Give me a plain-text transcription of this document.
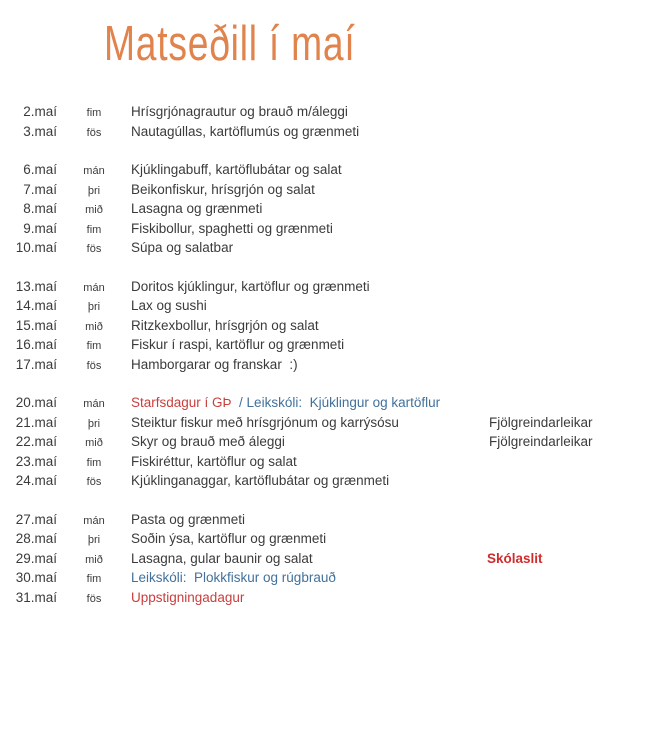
Matseðill í maí
2.maí	fim	Hrísgrjónagrautur og brauð m/áleggi
3.maí	fös	Nautagúllas, kartöflumús og grænmeti
6.maí	mán	Kjúklingabuff, kartöflubátar og salat
7.maí	þri	Beikonfiskur, hrísgrjón og salat
8.maí	mið	Lasagna og grænmeti
9.maí	fim	Fiskibollur, spaghetti og grænmeti
10.maí	fös	Súpa og salatbar
13.maí	mán	Doritos kjúklingur, kartöflur og grænmeti
14.maí	þri	Lax og sushi
15.maí	mið	Ritzkexbollur, hrísgrjón og salat
16.maí	fim	Fiskur í raspi, kartöflur og grænmeti
17.maí	fös	Hamborgarar og franskar  :)
20.maí	mán	Starfsdagur í GÞ  / Leikskóli:  Kjúklingur og kartöflur
21.maí	þri	Steiktur fiskur með hrísgrjónum og karrýsósu	Fjölgreindarleikar
22.maí	mið	Skyr og brauð með áleggi	Fjölgreindarleikar
23.maí	fim	Fiskiréttur, kartöflur og salat
24.maí	fös	Kjúklinganaggar, kartöflubátar og grænmeti
27.maí	mán	Pasta og grænmeti
28.maí	þri	Soðin ýsa, kartöflur og grænmeti
29.maí	mið	Lasagna, gular baunir og salat	Skólaslit
30.maí	fim	Leikskóli:  Plokkfiskur og rúgbrauð
31.maí	fös	Uppstigningadagur
